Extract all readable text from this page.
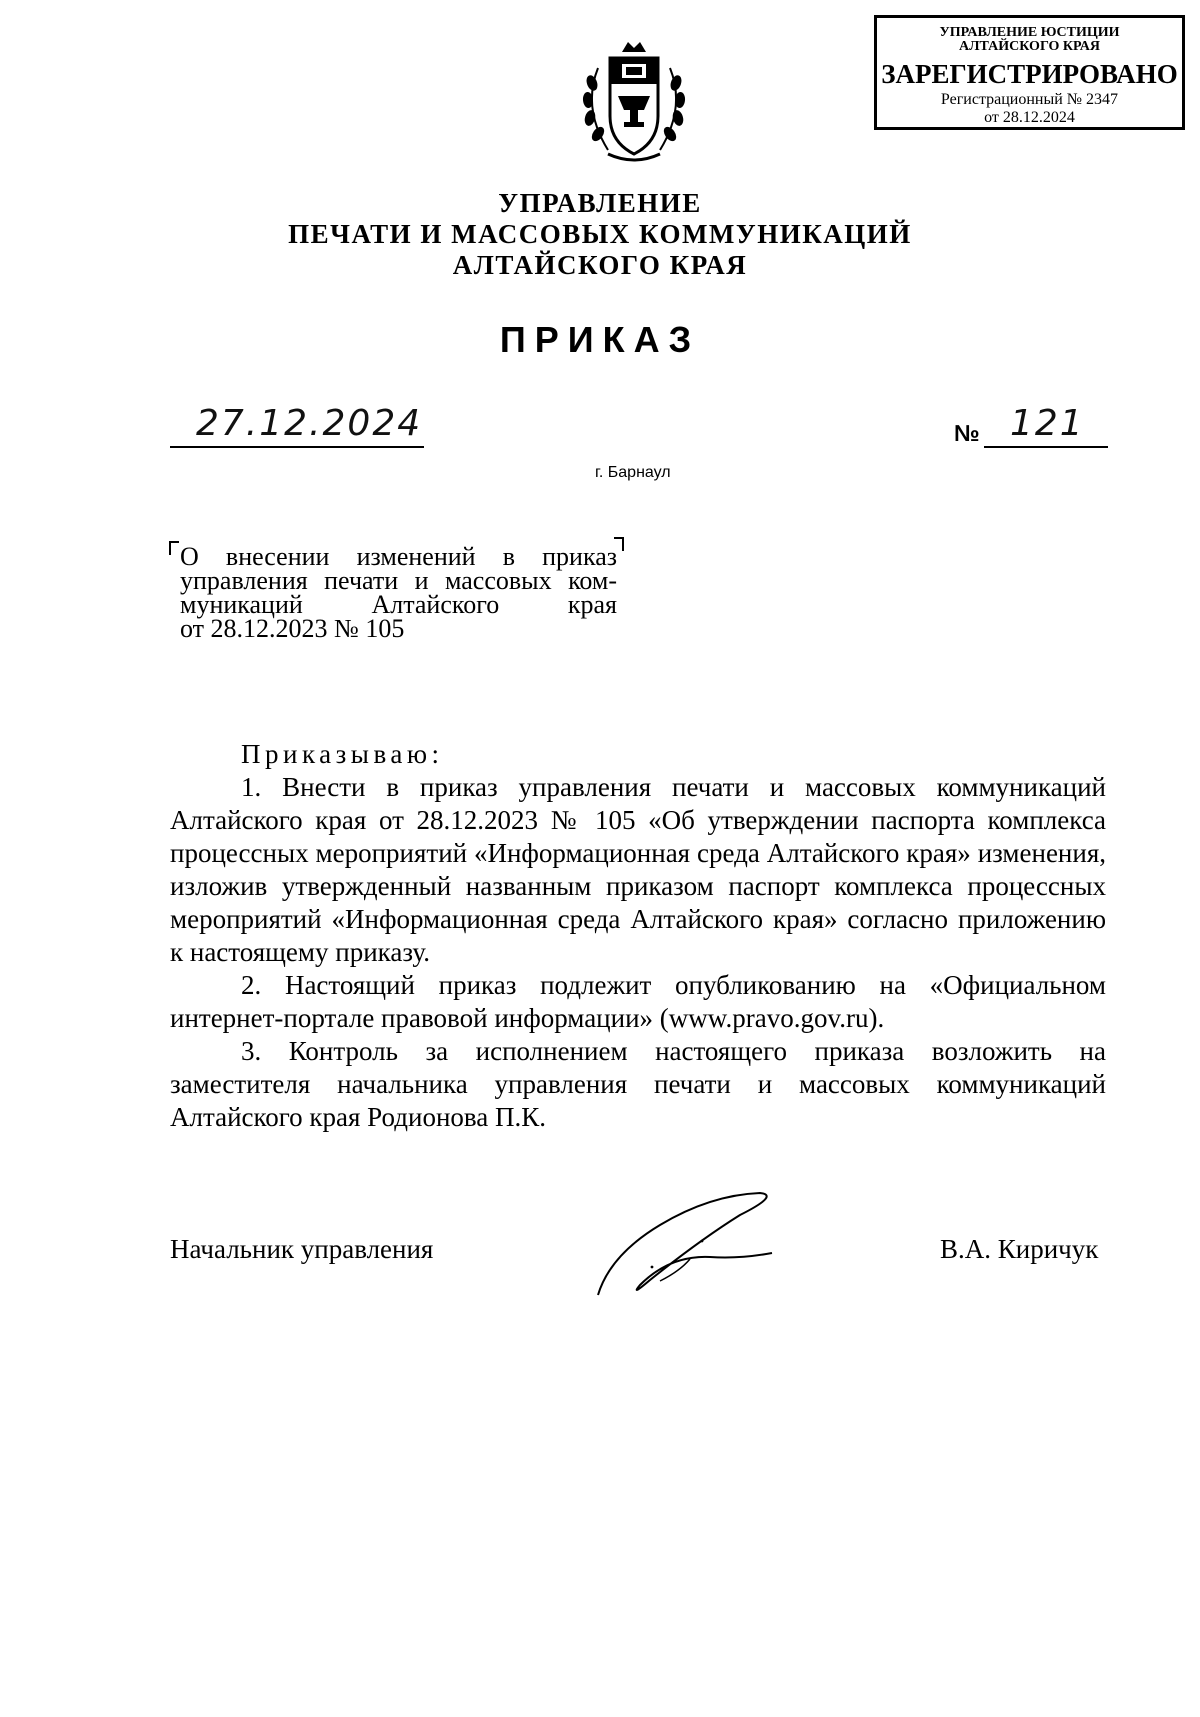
УПРАВЛЕНИЕ ЮСТИЦИИ
АЛТАЙСКОГО КРАЯ
ЗАРЕГИСТРИРОВАНО
Регистрационный № 2347
от 28.12.2024
УПРАВЛЕНИЕ
ПЕЧАТИ И МАССОВЫХ КОММУНИКАЦИЙ
АЛТАЙСКОГО КРАЯ
ПРИКАЗ
27.12.2024	№ 121
г. Барнаул
О внесении изменений в приказ
управления печати и массовых ком-
муникаций Алтайского края
от 28.12.2023 № 105
Приказываю:
1. Внести в приказ управления печати и массовых коммуникаций Алтайского края от 28.12.2023 № 105 «Об утверждении паспорта комплекса процессных мероприятий «Информационная среда Алтайского края» изменения, изложив утвержденный названным приказом паспорт комплекса процессных мероприятий «Информационная среда Алтайского края» согласно приложению к настоящему приказу.
2. Настоящий приказ подлежит опубликованию на «Официальном интернет-портале правовой информации» (www.pravo.gov.ru).
3. Контроль за исполнением настоящего приказа возложить на заместителя начальника управления печати и массовых коммуникаций Алтайского края Родионова П.К.
Начальник управления	В.А. Киричук
